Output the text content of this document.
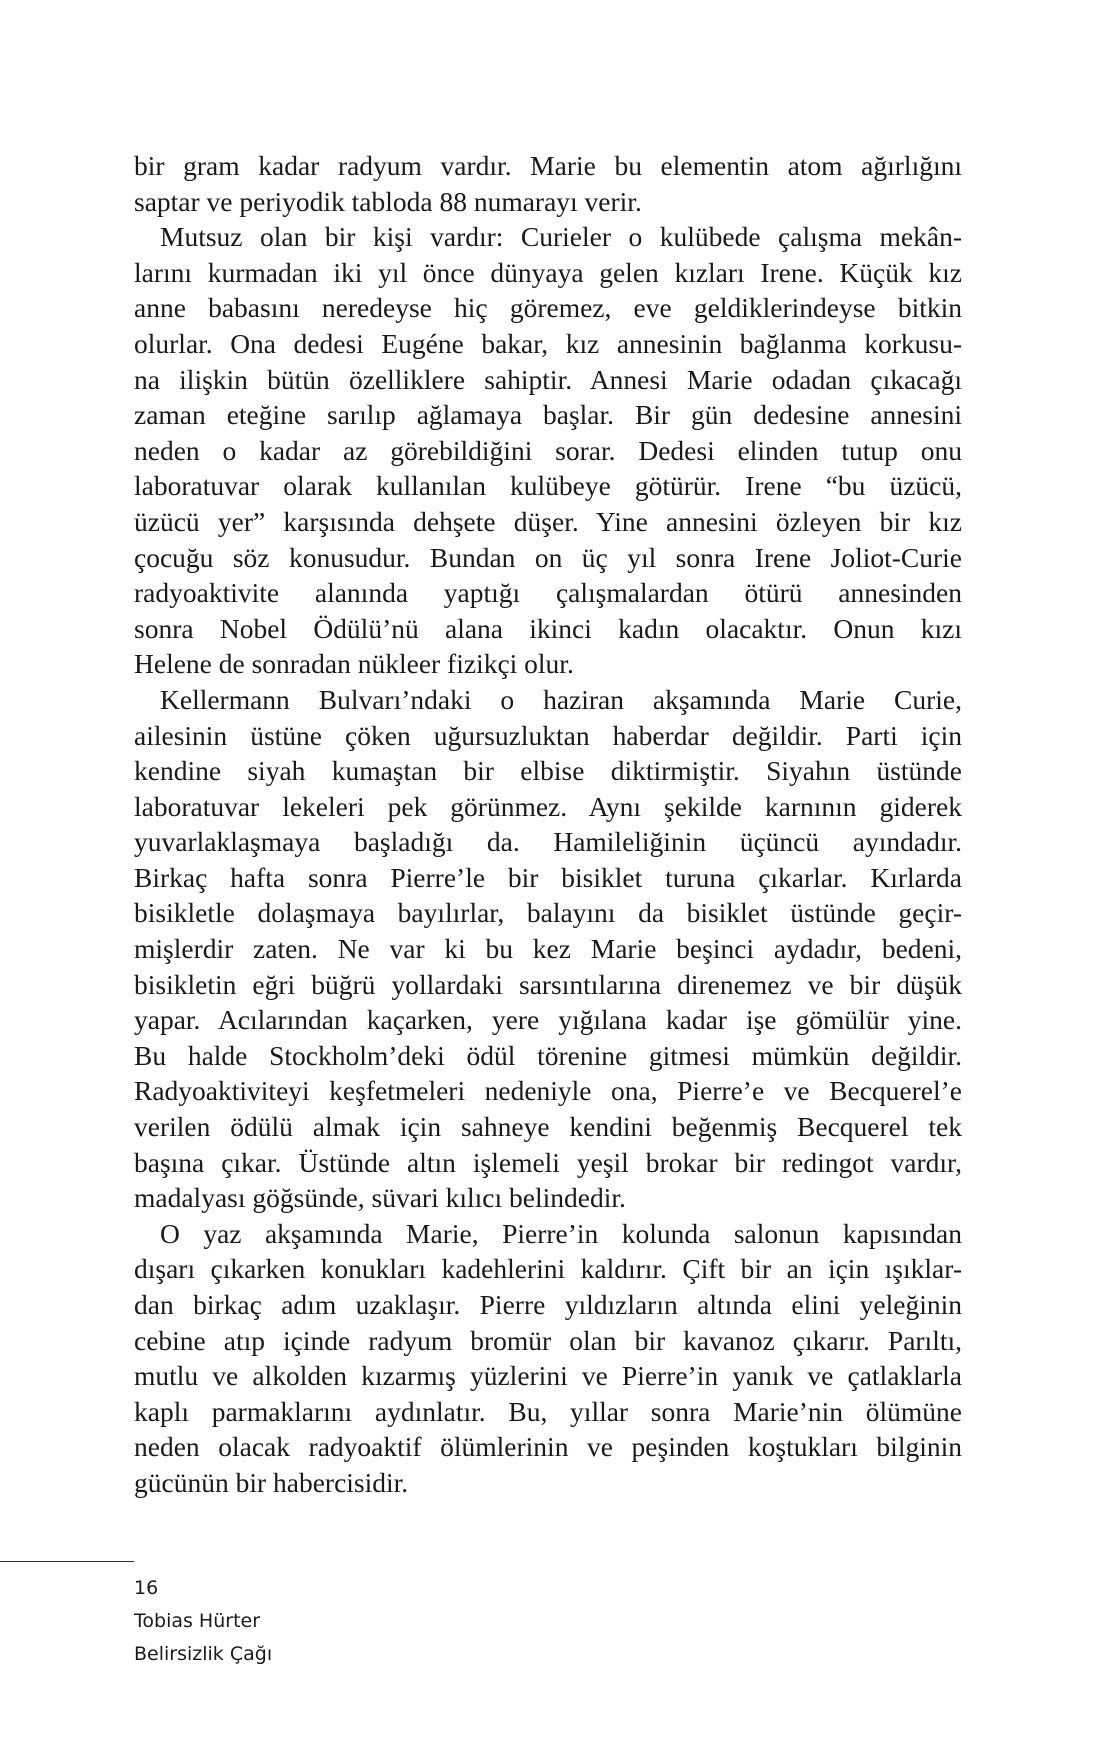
bir gram kadar radyum vardır. Marie bu elementin atom ağırlığını
saptar ve periyodik tabloda 88 numarayı verir.
Mutsuz olan bir kişi vardır: Curieler o kulübede çalışma mekân-
larını kurmadan iki yıl önce dünyaya gelen kızları Irene. Küçük kız
anne babasını neredeyse hiç göremez, eve geldiklerindeyse bitkin
olurlar. Ona dedesi Eugéne bakar, kız annesinin bağlanma korkusu-
na ilişkin bütün özelliklere sahiptir. Annesi Marie odadan çıkacağı
zaman eteğine sarılıp ağlamaya başlar. Bir gün dedesine annesini
neden o kadar az görebildiğini sorar. Dedesi elinden tutup onu
laboratuvar olarak kullanılan kulübeye götürür. Irene “bu üzücü,
üzücü yer” karşısında dehşete düşer. Yine annesini özleyen bir kız
çocuğu söz konusudur. Bundan on üç yıl sonra Irene Joliot-Curie
radyoaktivite alanında yaptığı çalışmalardan ötürü annesinden
sonra Nobel Ödülü’nü alana ikinci kadın olacaktır. Onun kızı
Helene de sonradan nükleer fizikçi olur.
Kellermann Bulvarı’ndaki o haziran akşamında Marie Curie,
ailesinin üstüne çöken uğursuzluktan haberdar değildir. Parti için
kendine siyah kumaştan bir elbise diktirmiştir. Siyahın üstünde
laboratuvar lekeleri pek görünmez. Aynı şekilde karnının giderek
yuvarlaklaşmaya başladığı da. Hamileliğinin üçüncü ayındadır.
Birkaç hafta sonra Pierre’le bir bisiklet turuna çıkarlar. Kırlarda
bisikletle dolaşmaya bayılırlar, balayını da bisiklet üstünde geçir-
mişlerdir zaten. Ne var ki bu kez Marie beşinci aydadır, bedeni,
bisikletin eğri büğrü yollardaki sarsıntılarına direnemez ve bir düşük
yapar. Acılarından kaçarken, yere yığılana kadar işe gömülür yine.
Bu halde Stockholm’deki ödül törenine gitmesi mümkün değildir.
Radyoaktiviteyi keşfetmeleri nedeniyle ona, Pierre’e ve Becquerel’e
verilen ödülü almak için sahneye kendini beğenmiş Becquerel tek
başına çıkar. Üstünde altın işlemeli yeşil brokar bir redingot vardır,
madalyası göğsünde, süvari kılıcı belindedir.
O yaz akşamında Marie, Pierre’in kolunda salonun kapısından
dışarı çıkarken konukları kadehlerini kaldırır. Çift bir an için ışıklar-
dan birkaç adım uzaklaşır. Pierre yıldızların altında elini yeleğinin
cebine atıp içinde radyum bromür olan bir kavanoz çıkarır. Parıltı,
mutlu ve alkolden kızarmış yüzlerini ve Pierre’in yanık ve çatlaklarla
kaplı parmaklarını aydınlatır. Bu, yıllar sonra Marie’nin ölümüne
neden olacak radyoaktif ölümlerinin ve peşinden koştukları bilginin
gücünün bir habercisidir.
16
Tobias Hürter
Belirsizlik Çağı
